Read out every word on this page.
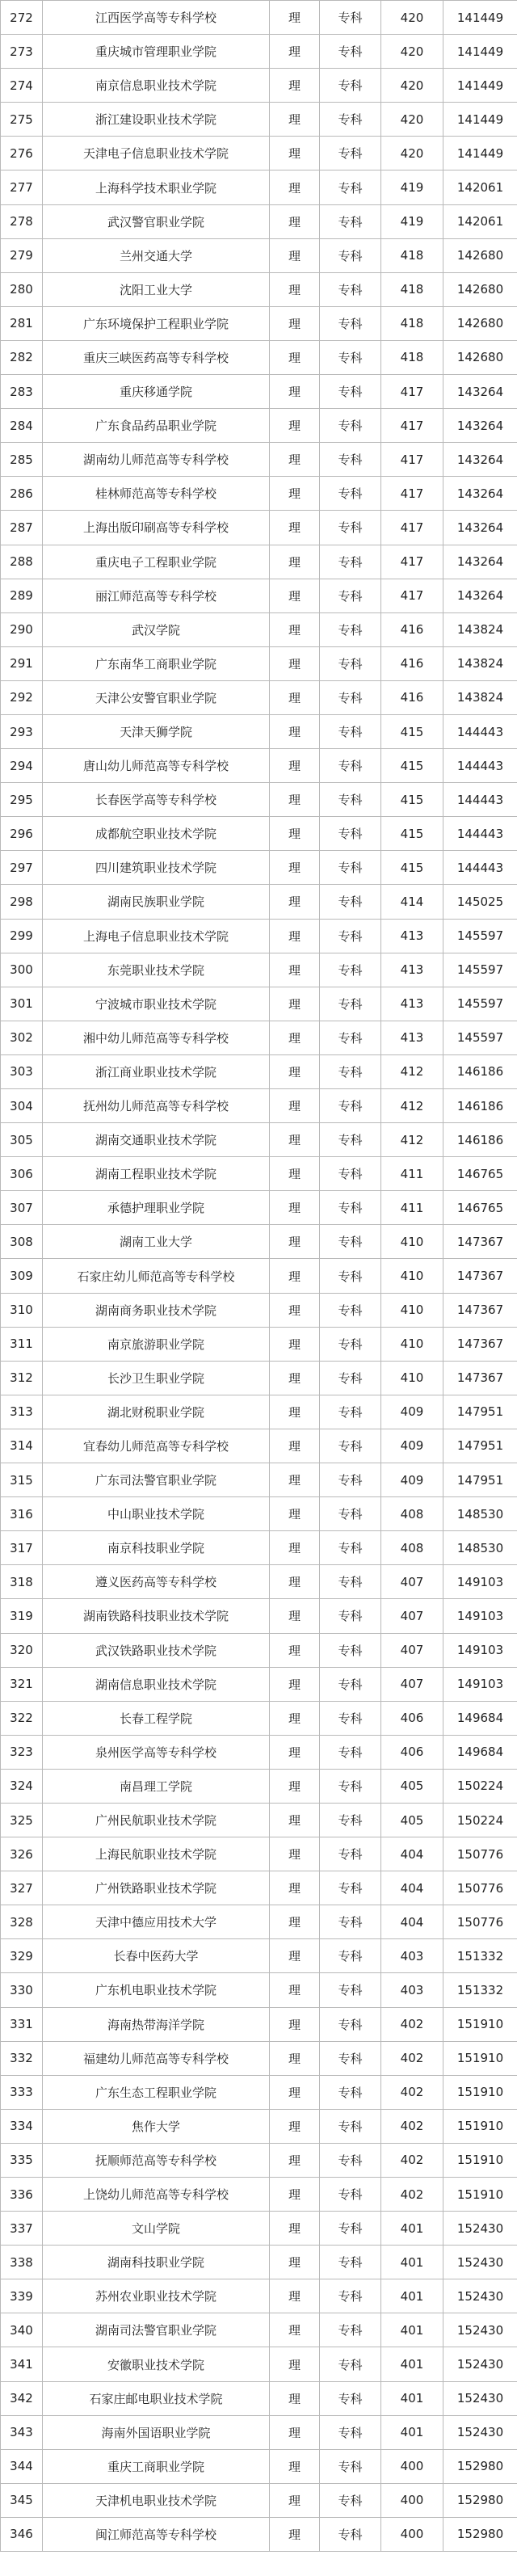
272	江西医学高等专科学校	理	专科	420	141449
273	重庆城市管理职业学院	理	专科	420	141449
274	南京信息职业技术学院	理	专科	420	141449
275	浙江建设职业技术学院	理	专科	420	141449
276	天津电子信息职业技术学院	理	专科	420	141449
277	上海科学技术职业学院	理	专科	419	142061
278	武汉警官职业学院	理	专科	419	142061
279	兰州交通大学	理	专科	418	142680
280	沈阳工业大学	理	专科	418	142680
281	广东环境保护工程职业学院	理	专科	418	142680
282	重庆三峡医药高等专科学校	理	专科	418	142680
283	重庆移通学院	理	专科	417	143264
284	广东食品药品职业学院	理	专科	417	143264
285	湖南幼儿师范高等专科学校	理	专科	417	143264
286	桂林师范高等专科学校	理	专科	417	143264
287	上海出版印刷高等专科学校	理	专科	417	143264
288	重庆电子工程职业学院	理	专科	417	143264
289	丽江师范高等专科学校	理	专科	417	143264
290	武汉学院	理	专科	416	143824
291	广东南华工商职业学院	理	专科	416	143824
292	天津公安警官职业学院	理	专科	416	143824
293	天津天狮学院	理	专科	415	144443
294	唐山幼儿师范高等专科学校	理	专科	415	144443
295	长春医学高等专科学校	理	专科	415	144443
296	成都航空职业技术学院	理	专科	415	144443
297	四川建筑职业技术学院	理	专科	415	144443
298	湖南民族职业学院	理	专科	414	145025
299	上海电子信息职业技术学院	理	专科	413	145597
300	东莞职业技术学院	理	专科	413	145597
301	宁波城市职业技术学院	理	专科	413	145597
302	湘中幼儿师范高等专科学校	理	专科	413	145597
303	浙江商业职业技术学院	理	专科	412	146186
304	抚州幼儿师范高等专科学校	理	专科	412	146186
305	湖南交通职业技术学院	理	专科	412	146186
306	湖南工程职业技术学院	理	专科	411	146765
307	承德护理职业学院	理	专科	411	146765
308	湖南工业大学	理	专科	410	147367
309	石家庄幼儿师范高等专科学校	理	专科	410	147367
310	湖南商务职业技术学院	理	专科	410	147367
311	南京旅游职业学院	理	专科	410	147367
312	长沙卫生职业学院	理	专科	410	147367
313	湖北财税职业学院	理	专科	409	147951
314	宜春幼儿师范高等专科学校	理	专科	409	147951
315	广东司法警官职业学院	理	专科	409	147951
316	中山职业技术学院	理	专科	408	148530
317	南京科技职业学院	理	专科	408	148530
318	遵义医药高等专科学校	理	专科	407	149103
319	湖南铁路科技职业技术学院	理	专科	407	149103
320	武汉铁路职业技术学院	理	专科	407	149103
321	湖南信息职业技术学院	理	专科	407	149103
322	长春工程学院	理	专科	406	149684
323	泉州医学高等专科学校	理	专科	406	149684
324	南昌理工学院	理	专科	405	150224
325	广州民航职业技术学院	理	专科	405	150224
326	上海民航职业技术学院	理	专科	404	150776
327	广州铁路职业技术学院	理	专科	404	150776
328	天津中德应用技术大学	理	专科	404	150776
329	长春中医药大学	理	专科	403	151332
330	广东机电职业技术学院	理	专科	403	151332
331	海南热带海洋学院	理	专科	402	151910
332	福建幼儿师范高等专科学校	理	专科	402	151910
333	广东生态工程职业学院	理	专科	402	151910
334	焦作大学	理	专科	402	151910
335	抚顺师范高等专科学校	理	专科	402	151910
336	上饶幼儿师范高等专科学校	理	专科	402	151910
337	文山学院	理	专科	401	152430
338	湖南科技职业学院	理	专科	401	152430
339	苏州农业职业技术学院	理	专科	401	152430
340	湖南司法警官职业学院	理	专科	401	152430
341	安徽职业技术学院	理	专科	401	152430
342	石家庄邮电职业技术学院	理	专科	401	152430
343	海南外国语职业学院	理	专科	401	152430
344	重庆工商职业学院	理	专科	400	152980
345	天津机电职业技术学院	理	专科	400	152980
346	闽江师范高等专科学校	理	专科	400	152980
